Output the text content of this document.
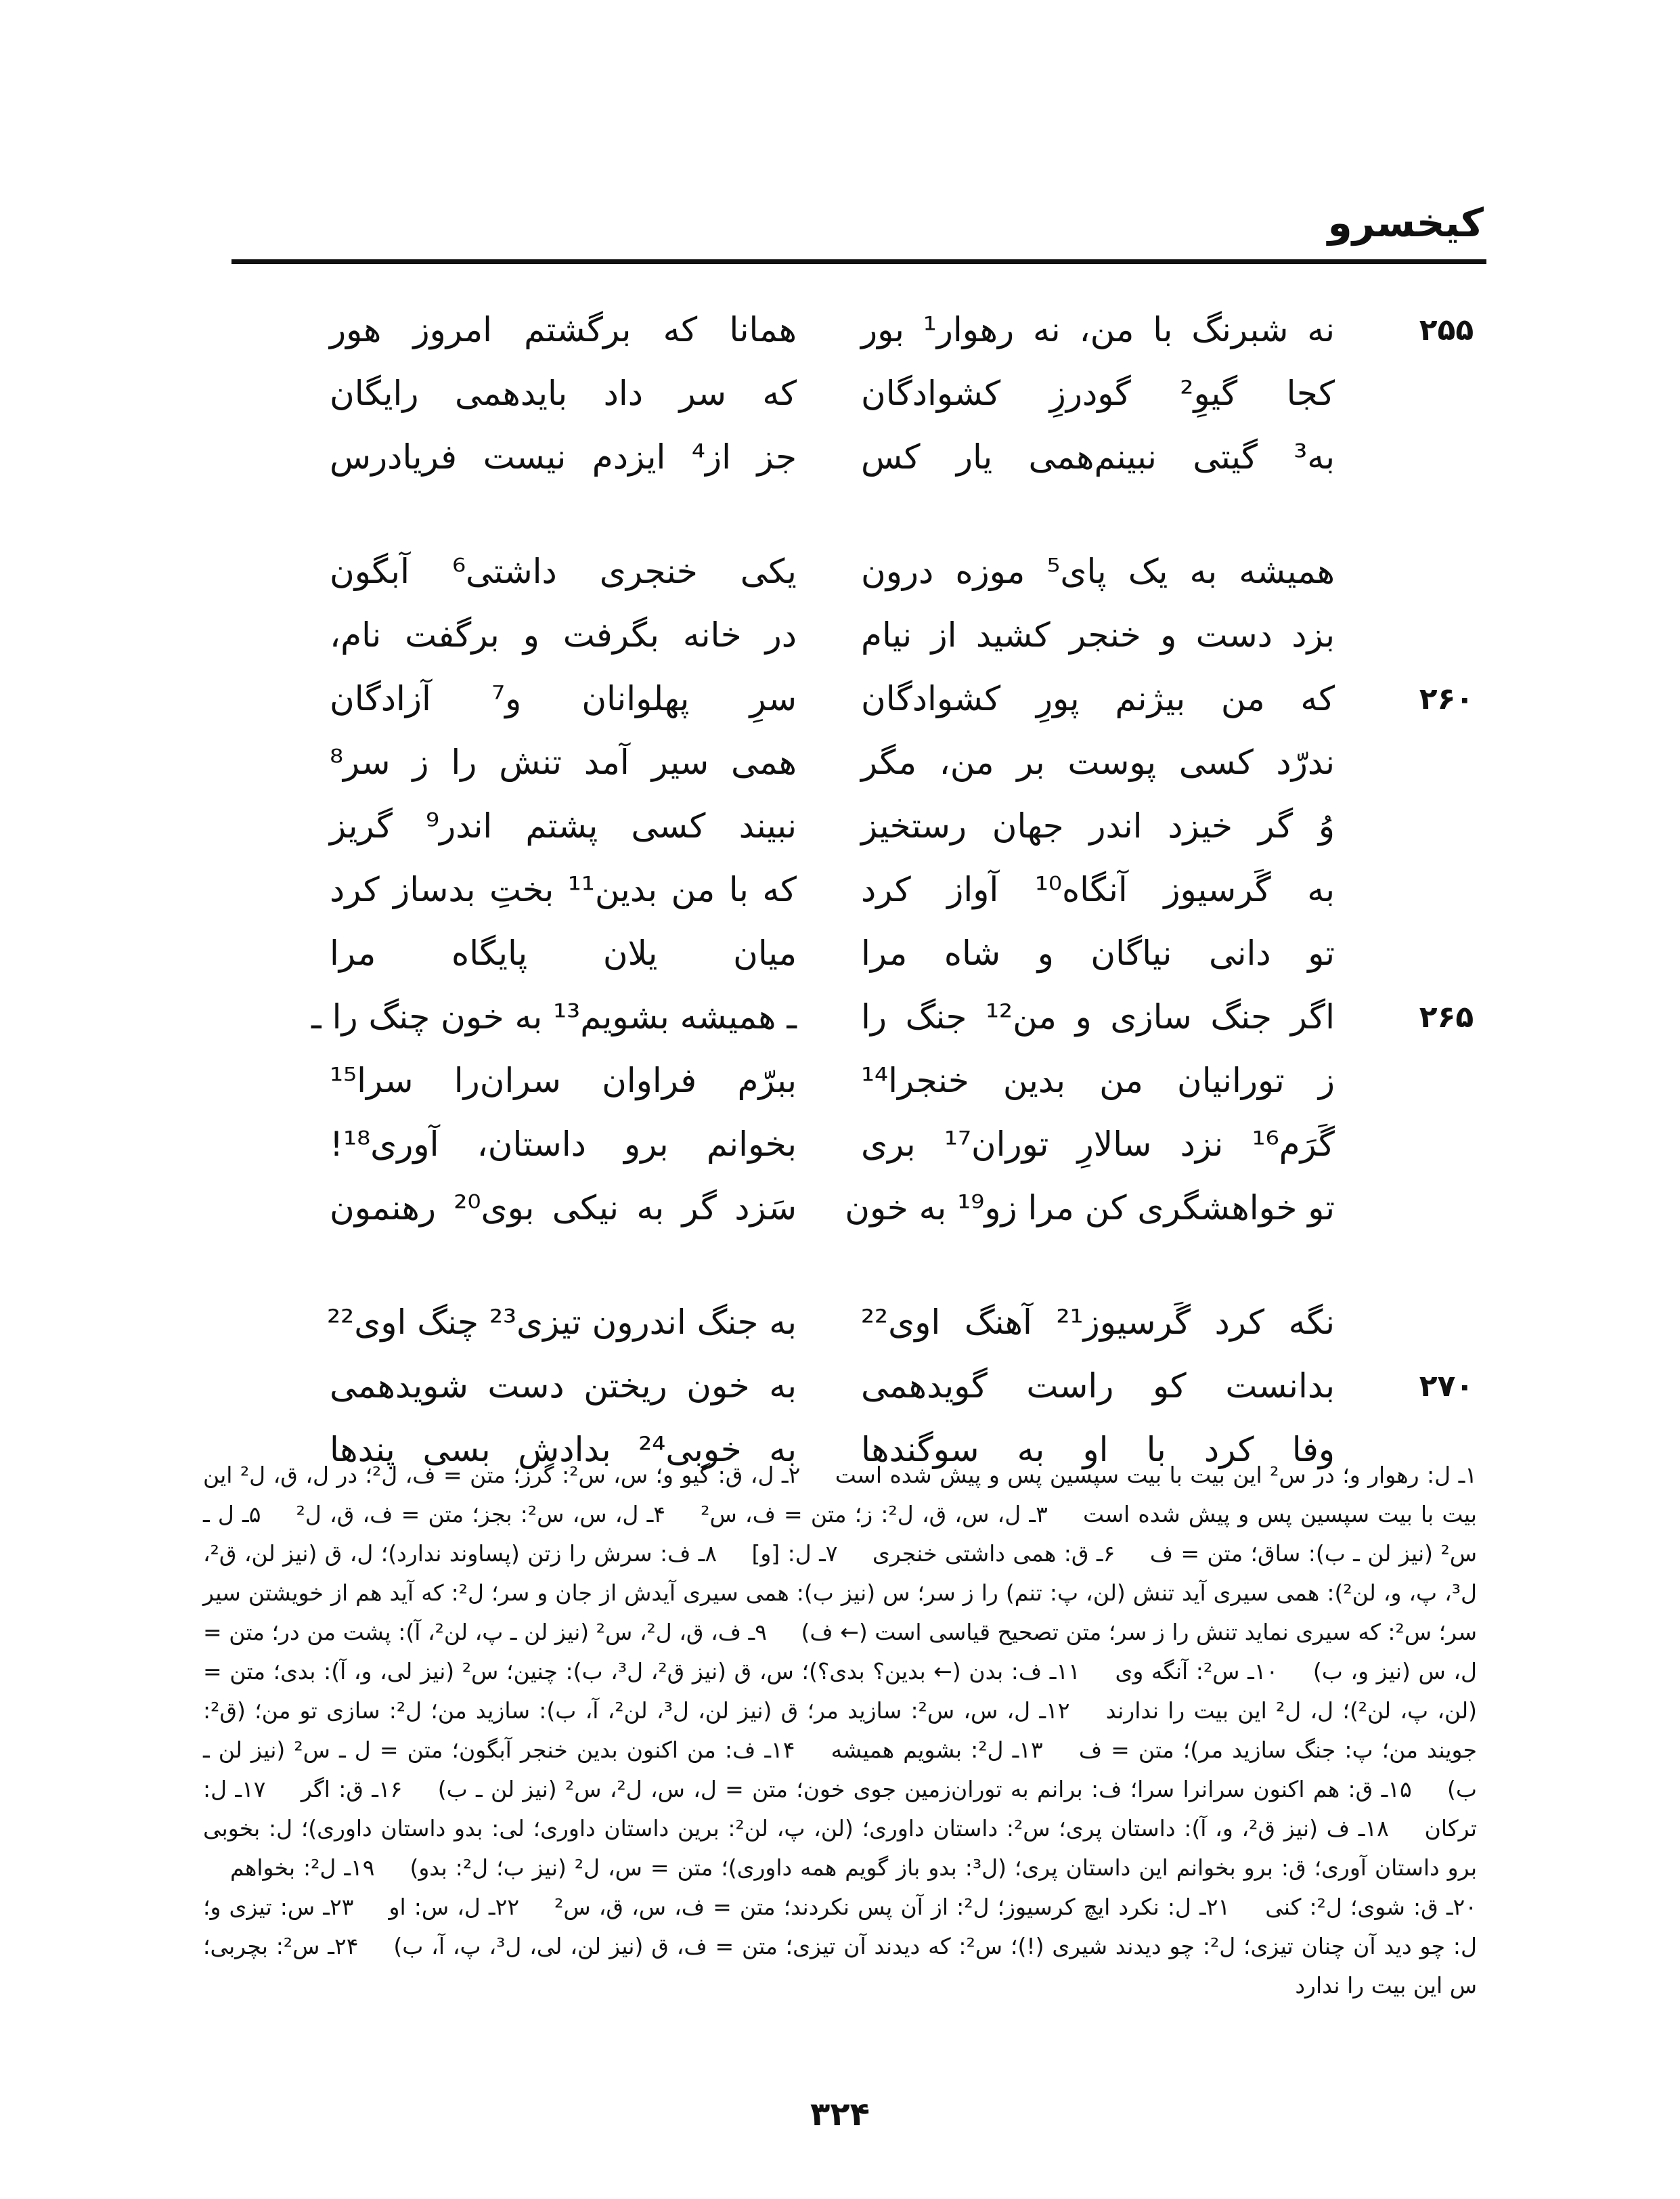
کیخسرو
۲۵۵
نه شبرنگ با من، نه رهوار¹ بور
همانا که برگشتم امروز هور
کجا گیوِ² گودرزِ کشوادگان
که سر داد بایدهمی رایگان
به³ گیتی نبینم‌همی یار کس
جز از⁴ ایزدم نیست فریادرس
همیشه به یک پای⁵ موزه درون
یکی خنجری داشتی⁶ آبگون
بزد دست و خنجر کشید از نیام
در خانه بگرفت و برگفت نام،
۲۶۰
که من بیژنم پورِ کشوادگان
سرِ پهلوانان و⁷ آزادگان
ندرّد کسی پوست بر من، مگر
همی سیر آمد تنش را ز سر⁸
وُ گر خیزد اندر جهان رستخیز
نبیند کسی پشتم اندر⁹ گریز
به گَرسیوز آنگاه¹⁰ آواز کرد
که با من بدین¹¹ بختِ بدساز کرد
تو دانی نیاگان و شاه مرا
میان یلان پایگاه مرا
۲۶۵
اگر جنگ سازی و من¹² جنگ را
ـ همیشه بشویم¹³ به خون چنگ را ـ
ز تورانیان من بدین خنجرا¹⁴
ببرّم فراوان سران‌را سرا¹⁵
گَرَم¹⁶ نزد سالارِ توران¹⁷ بری
بخوانم برو داستان، آوری¹⁸!
تو خواهشگری کن مرا زو¹⁹ به خون
سَزد گر به نیکی بوی²⁰ رهنمون
نگه کرد گَرسیوز²¹ آهنگ اوی²²
به جنگ اندرون تیزی²³ چنگ اوی²²
۲۷۰
بدانست کو راست گویدهمی
به خون ریختن دست شویدهمی
وفا کرد با او به سوگندها
به خوبی²⁴ بدادش بسی پندها
۱ـ ل: رهوار و؛ در س² این بیت با بیت سپسین پس و پیش شده است ۲ـ ل، ق: گیو و؛ س، س²: گرز؛ متن = ف، ل²؛ در ل، ق، ل² این بیت با بیت سپسین پس و پیش شده است ۳ـ ل، س، ق، ل²: ز؛ متن = ف، س² ۴ـ ل، س، س²: بجز؛ متن = ف، ق، ل² ۵ـ ل ـ س² (نیز لن ـ ب): ساق؛ متن = ف ۶ـ ق: همی داشتی خنجری ۷ـ ل: [و] ۸ـ ف: سرش را زتن (پساوند ندارد)؛ ل، ق (نیز لن، ق²، ل³، پ، و، لن²): همی سیری آید تنش (لن، پ: تنم) را ز سر؛ س (نیز ب): همی سیری آیدش از جان و سر؛ ل²: که آید هم از خویشتن سیر سر؛ س²: که سیری نماید تنش را ز سر؛ متن تصحیح قیاسی است (← ف) ۹ـ ف، ق، ل²، س² (نیز لن ـ پ، لن²، آ): پشت من در؛ متن = ل، س (نیز و، ب) ۱۰ـ س²: آنگه وی ۱۱ـ ف: بدن (← بدین؟ بدی؟)؛ س، ق (نیز ق²، ل³، ب): چنین؛ س² (نیز لی، و، آ): بدی؛ متن = (لن، پ، لن²)؛ ل، ل² این بیت را ندارند ۱۲ـ ل، س، س²: سازید مر؛ ق (نیز لن، ل³، لن²، آ، ب): سازید من؛ ل²: سازی تو من؛ (ق²: جویند من؛ پ: جنگ سازید مر)؛ متن = ف ۱۳ـ ل²: بشویم همیشه ۱۴ـ ف: من اکنون بدین خنجر آبگون؛ متن = ل ـ س² (نیز لن ـ ب) ۱۵ـ ق: هم اکنون سرانرا سرا؛ ف: برانم به توران‌زمین جوی خون؛ متن = ل، س، ل²، س² (نیز لن ـ ب) ۱۶ـ ق: اگر ۱۷ـ ل: ترکان ۱۸ـ ف (نیز ق²، و، آ): داستان پری؛ س²: داستان داوری؛ (لن، پ، لن²: برین داستان داوری؛ لی: بدو داستان داوری)؛ ل: بخوبی برو داستان آوری؛ ق: برو بخوانم این داستان پری؛ (ل³: بدو باز گویم همه داوری)؛ متن = س، ل² (نیز ب؛ ل²: بدو) ۱۹ـ ل²: بخواهم ۲۰ـ ق: شوی؛ ل²: کنی ۲۱ـ ل: نکرد ایچ کرسیوز؛ ل²: از آن پس نکردند؛ متن = ف، س، ق، س² ۲۲ـ ل، س: او ۲۳ـ س: تیزی و؛ ل: چو دید آن چنان تیزی؛ ل²: چو دیدند شیری (!)؛ س²: که دیدند آن تیزی؛ متن = ف، ق (نیز لن، لی، ل³، پ، آ، ب) ۲۴ـ س²: بچربی؛ س این بیت را ندارد
۳۲۴
